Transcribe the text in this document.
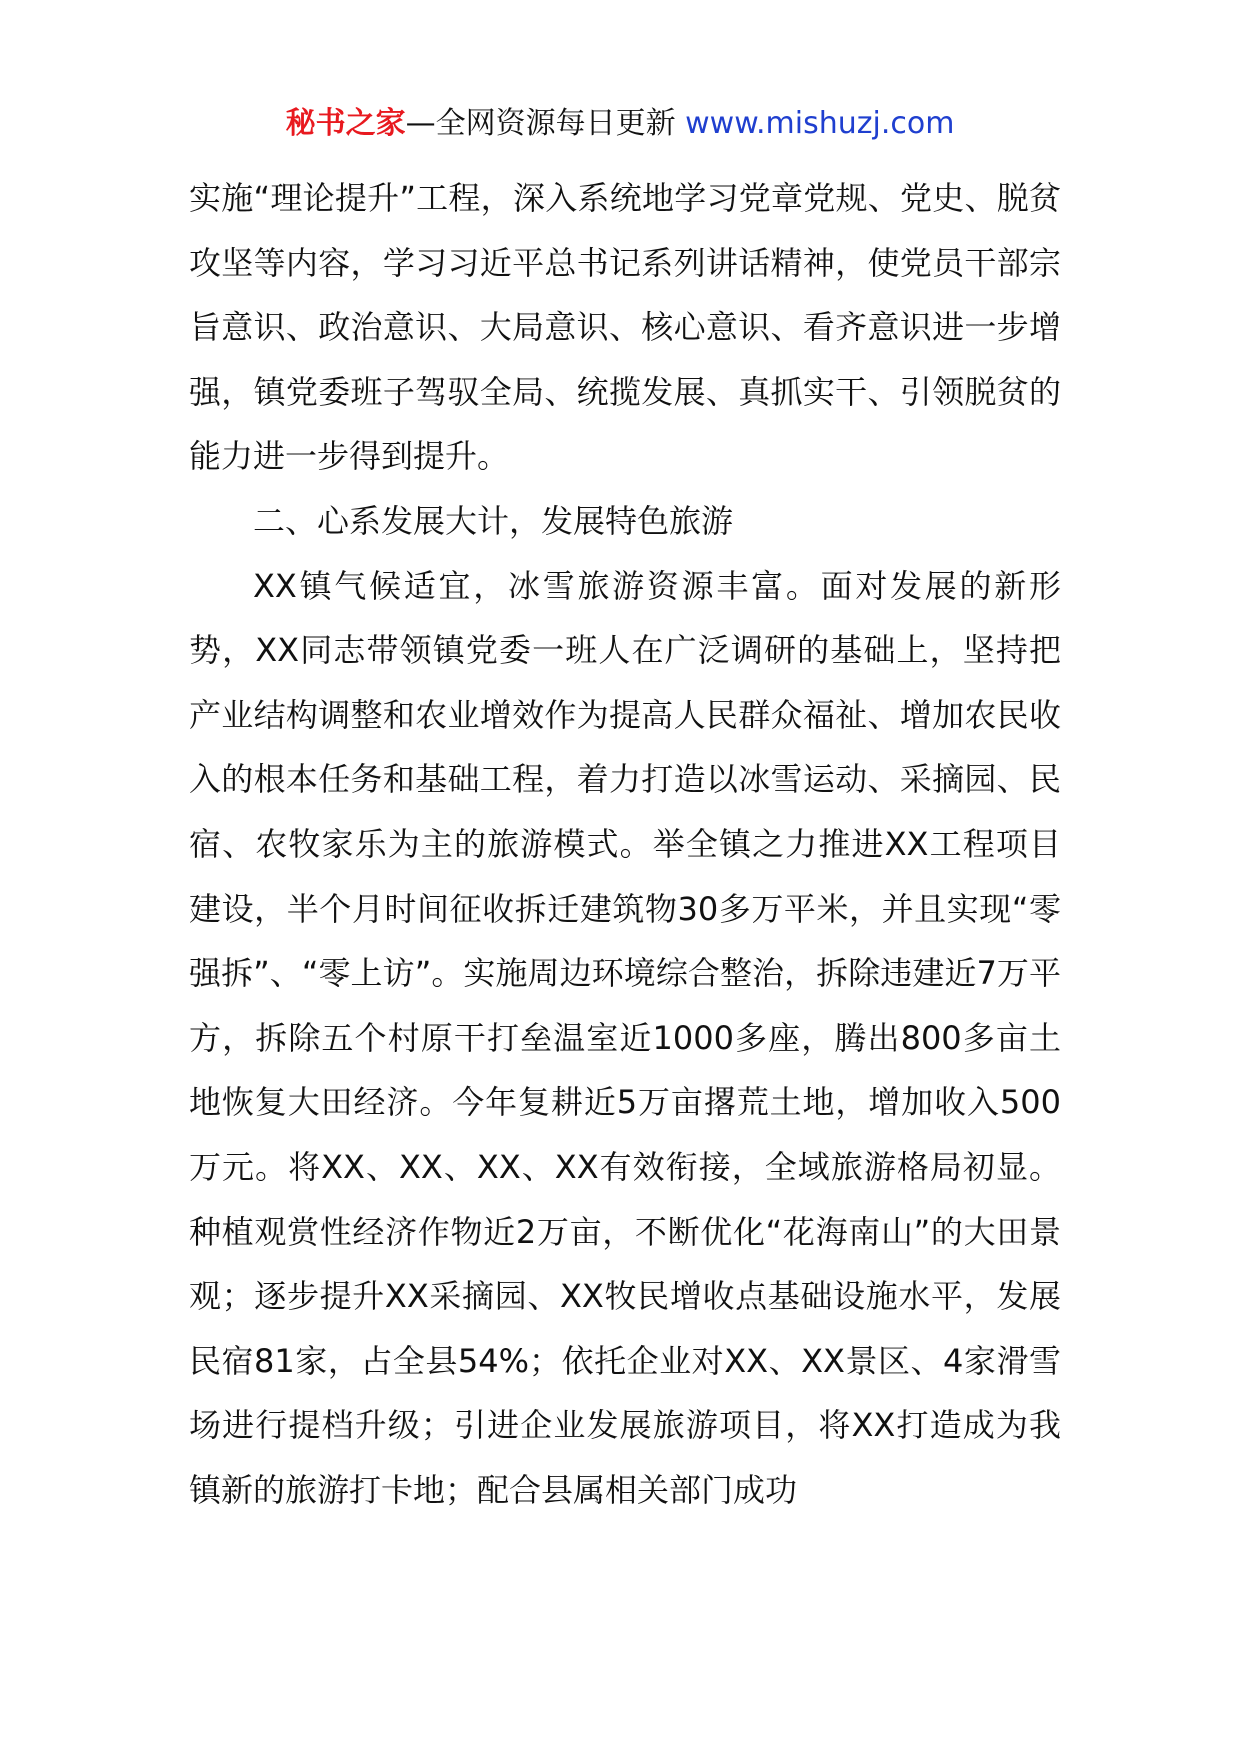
秘书之家—全网资源每日更新 www.mishuzj.com

实施“理论提升”工程，深入系统地学习党章党规、党史、脱贫攻坚等内容，学习习近平总书记系列讲话精神，使党员干部宗旨意识、政治意识、大局意识、核心意识、看齐意识进一步增强，镇党委班子驾驭全局、统揽发展、真抓实干、引领脱贫的能力进一步得到提升。

二、心系发展大计，发展特色旅游

XX镇气候适宜，冰雪旅游资源丰富。面对发展的新形势，XX同志带领镇党委一班人在广泛调研的基础上，坚持把产业结构调整和农业增效作为提高人民群众福祉、增加农民收入的根本任务和基础工程，着力打造以冰雪运动、采摘园、民宿、农牧家乐为主的旅游模式。举全镇之力推进XX工程项目建设，半个月时间征收拆迁建筑物30多万平米，并且实现“零强拆”、“零上访”。实施周边环境综合整治，拆除违建近7万平方，拆除五个村原干打垒温室近1000多座，腾出800多亩土地恢复大田经济。今年复耕近5万亩撂荒土地，增加收入500万元。将XX、XX、XX、XX有效衔接，全域旅游格局初显。种植观赏性经济作物近2万亩，不断优化“花海南山”的大田景观；逐步提升XX采摘园、XX牧民增收点基础设施水平，发展民宿81家，占全县54%；依托企业对XX、XX景区、4家滑雪场进行提档升级；引进企业发展旅游项目，将XX打造成为我镇新的旅游打卡地；配合县属相关部门成功
